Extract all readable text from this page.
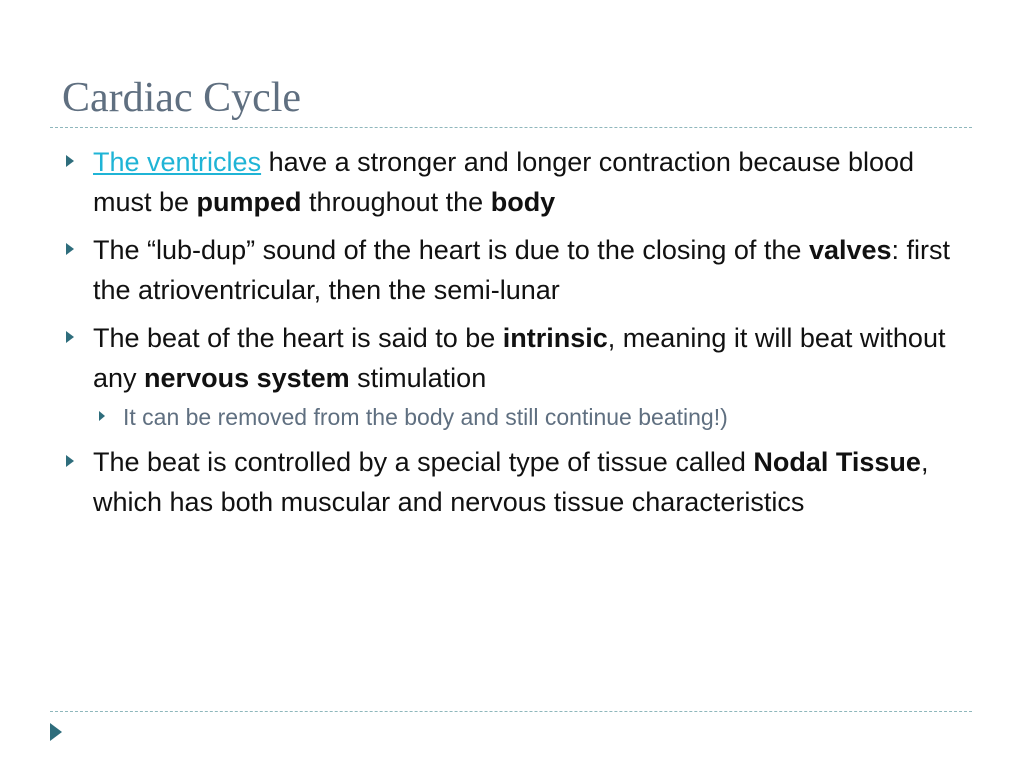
Cardiac Cycle
The ventricles have a stronger and longer contraction because blood must be pumped throughout the body
The “lub-dup” sound of the heart is due to the closing of the valves: first the atrioventricular, then the semi-lunar
The beat of the heart is said to be intrinsic, meaning it will beat without any nervous system stimulation
It can be removed from the body and still continue beating!)
The beat is controlled by a special type of tissue called Nodal Tissue, which has both muscular and nervous tissue characteristics
